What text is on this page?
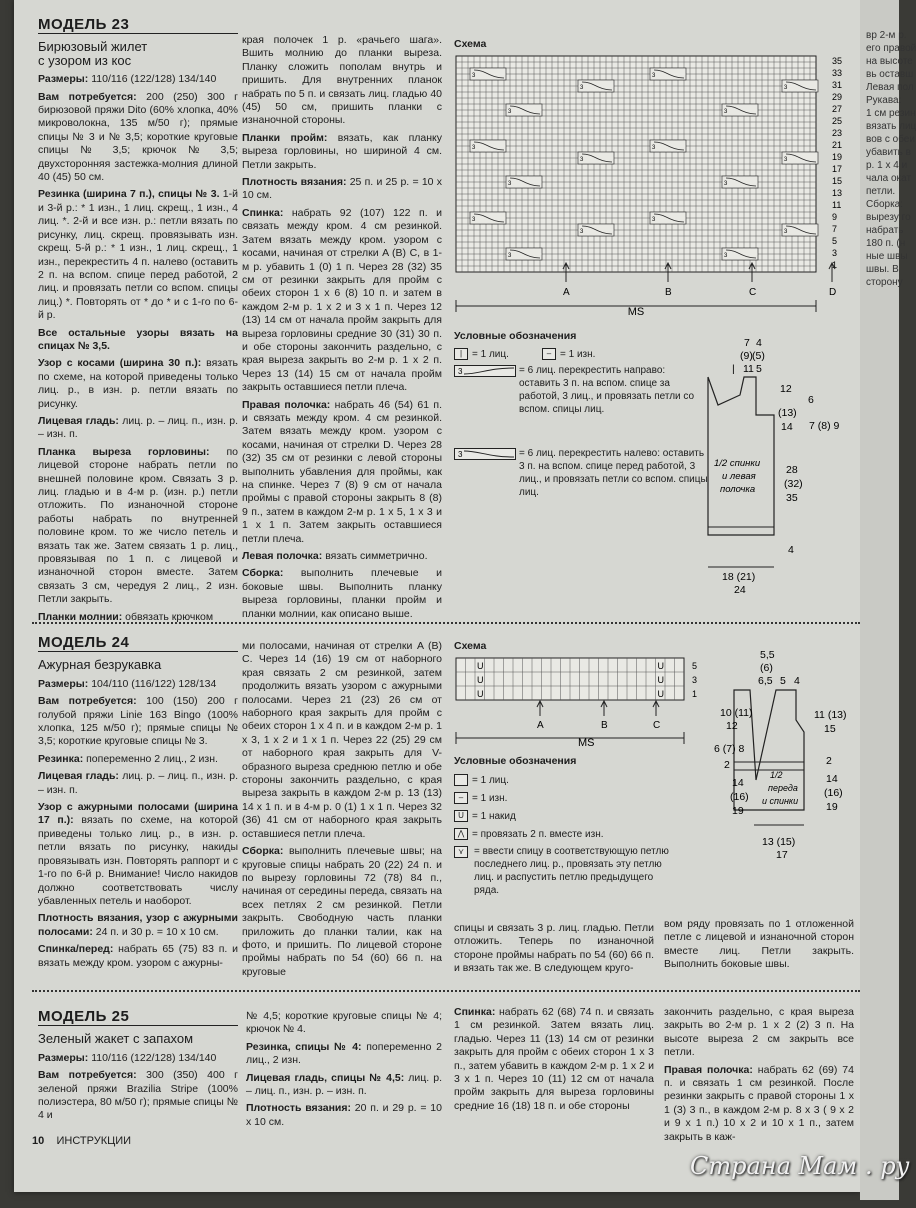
МОДЕЛЬ 23
Бирюзовый жилет
с узором из кос

Размеры: 110/116 (122/128) 134/140

Вам потребуется: 200 (250) 300 г бирюзовой пряжи Dito (60% хлопка, 40% микроволокна, 135 м/50 г); прямые спицы № 3 и № 3,5; короткие круговые спицы № 3,5; крючок № 3,5; двухсторонняя застежка-молния длиной 40 (45) 50 см.

Резинка (ширина 7 п.), спицы № 3. 1-й и 3-й р.: * 1 изн., 1 лиц. скрещ., 1 изн., 4 лиц. *. 2-й и все изн. р.: петли вязать по рисунку, лиц. скрещ. провязывать изн. скрещ. 5-й р.: * 1 изн., 1 лиц. скрещ., 1 изн., перекрестить 4 п. налево (оставить 2 п. на вспом. спице перед работой, 2 лиц. и провязать петли со вспом. спицы лиц.) *. Повторять от * до * и с 1-го по 6-й р.

Все остальные узоры вязать на спицах № 3,5.

Узор с косами (ширина 30 п.): вязать по схеме, на которой приведены только лиц. р., в изн. р. петли вязать по рисунку.

Лицевая гладь: лиц. р. – лиц. п., изн. р. – изн. п.

Планка выреза горловины: по лицевой стороне набрать петли по внешней половине кром. Связать 3 р. лиц. гладью и в 4-м р. (изн. р.) петли отложить. По изнаночной стороне работы набрать по внутренней половине кром. то же число петель и вязать так же. Затем связать 1 р. лиц., провязывая по 1 п. с лицевой и изнаночной сторон вместе. Затем связать 3 см, чередуя 2 лиц., 2 изн. Петли закрыть.

Планки молнии: обвязать крючком

края полочек 1 р. «рачьего шага». Вшить молнию до планки выреза. Планку сложить пополам внутрь и пришить. Для внутренних планок набрать по 5 п. и связать лиц. гладью 40 (45) 50 см, пришить планки с изнаночной стороны.

Планки пройм: вязать, как планку выреза горловины, но шириной 4 см. Петли закрыть.

Плотность вязания: 25 п. и 25 р. = 10 x 10 см.

Спинка: набрать 92 (107) 122 п. и связать между кром. 4 см резинкой. Затем вязать между кром. узором с косами, начиная от стрелки A (B) C, в 1-м р. убавить 1 (0) 1 п. Через 28 (32) 35 см от резинки закрыть для пройм с обеих сторон 1 x 6 (8) 10 п. и затем в каждом 2-м р. 1 x 2 и 3 x 1 п. Через 12 (13) 14 см от начала пройм закрыть для выреза горловины средние 30 (31) 30 п. и обе стороны закончить раздельно, с края выреза закрыть во 2-м р. 1 x 2 п. Через 13 (14) 15 см от начала пройм закрыть оставшиеся петли плеча.

Правая полочка: набрать 46 (54) 61 п. и связать между кром. 4 см резинкой. Затем вязать между кром. узором с косами, начиная от стрелки D. Через 28 (32) 35 см от резинки с левой стороны выполнить убавления для проймы, как на спинке. Через 7 (8) 9 см от начала проймы с правой стороны закрыть 8 (8) 9 п., затем в каждом 2-м р. 1 x 5, 1 x 3 и 1 x 1 п. Затем закрыть оставшиеся петли плеча.

Левая полочка: вязать симметрично.

Сборка: выполнить плечевые и боковые швы. Выполнить планку выреза горловины, планки пройм и планки молнии, как описано выше.

Схема
3
3
3
3
3
3
3
3
3
3
3
3
3
3
3
3
3
3
35
33
31
29
27
25
23
21
19
17
15
13
11
9
7
5
3
1
A	B	C	D
MS
Условные обозначения
| = 1 лиц.	– = 1 изн.
3	= 6 лиц. перекрестить направо: оставить 3 п. на вспом. спице за работой, 3 лиц., и провязать петли со вспом. спицы лиц.
3	= 6 лиц. перекрестить налево: оставить 3 п. на вспом. спице перед работой, 3 лиц., и провязать петли со вспом. спицы лиц.
7
(9)
11
4
(5)
5
|
12
(13)
14
6
7 (8) 9
28
(32)
35
4
1/2 спинки
и левая
полочка
18 (21)
24
МОДЕЛЬ 24
Ажурная безрукавка

Размеры: 104/110 (116/122) 128/134

Вам потребуется: 100 (150) 200 г голубой пряжи Linie 163 Bingo (100% хлопка, 125 м/50 г); прямые спицы № 3,5; короткие круговые спицы № 3.

Резинка: попеременно 2 лиц., 2 изн.

Лицевая гладь: лиц. р. – лиц. п., изн. р. – изн. п.

Узор с ажурными полосами (ширина 17 п.): вязать по схеме, на которой приведены только лиц. р., в изн. р. петли вязать по рисунку, накиды провязывать изн. Повторять раппорт и с 1-го по 6-й р. Внимание! Число накидов должно соответствовать числу убавленных петель и наоборот.

Плотность вязания, узор с ажурными полосами: 24 п. и 30 р. = 10 x 10 см.

Спинка/перед: набрать 65 (75) 83 п. и вязать между кром. узором с ажурны-

ми полосами, начиная от стрелки A (B) C. Через 14 (16) 19 см от наборного края связать 2 см резинкой, затем продолжить вязать узором с ажурными полосами. Через 21 (23) 26 см от наборного края закрыть для пройм с обеих сторон 1 x 4 п. и в каждом 2-м р. 1 x 3, 1 x 2 и 1 x 1 п. Через 22 (25) 29 см от наборного края закрыть для V-образного выреза среднюю петлю и обе стороны закончить раздельно, с края выреза закрыть в каждом 2-м р. 13 (13) 14 x 1 п. и в 4-м р. 0 (1) 1 x 1 п. Через 32 (36) 41 см от наборного края закрыть оставшиеся петли плеча.

Сборка: выполнить плечевые швы; на круговые спицы набрать 20 (22) 24 п. и по вырезу горловины 72 (78) 84 п., начиная от середины переда, связать на всех петлях 2 см резинкой. Петли закрыть. Свободную часть планки приложить до планки талии, как на фото, и пришить. По лицевой стороне проймы набрать по 54 (60) 66 п. на круговые

Схема
U
U
U
U
U
U
5
3
1
A	B	C
MS
Условные обозначения
= 1 лиц.
– = 1 изн.
U = 1 накид
⋀ = провязать 2 п. вместе изн.
⋎	= ввести спицу в соответствующую петлю последнего лиц. р., провязать эту петлю лиц. и распустить петлю предыдущего ряда.
5,5
(6)
6,5 5 4
10 (11)
12
6 (7) 8
2
14
(16)
19
11 (13)
15
2
14
(16)
19
1/2
переда
и спинки
13 (15)
17
спицы и связать 3 р. лиц. гладью. Петли отложить. Теперь по изнаночной стороне проймы набрать по 54 (60) 66 п. и вязать так же. В следующем круго-
вом ряду провязать по 1 отложенной петле с лицевой и изнаночной сторон вместе лиц. Петли закрыть. Выполнить боковые швы.
МОДЕЛЬ 25
Зеленый жакет с запахом

Размеры: 110/116 (122/128) 134/140

Вам потребуется: 300 (350) 400 г зеленой пряжи Brazilia Stripe (100% полиэстера, 80 м/50 г); прямые спицы № 4 и

№ 4,5; короткие круговые спицы № 4; крючок № 4.

Резинка, спицы № 4: попеременно 2 лиц., 2 изн.

Лицевая гладь, спицы № 4,5: лиц. р. – лиц. п., изн. р. – изн. п.

Плотность вязания: 20 п. и 29 р. = 10 x 10 см.

Спинка: набрать 62 (68) 74 п. и связать 1 см резинкой. Затем вязать лиц. гладью. Через 11 (13) 14 см от резинки закрыть для пройм с обеих сторон 1 x 3 п., затем убавить в каждом 2-м р. 1 x 2 и 3 x 1 п. Через 10 (11) 12 см от начала пройм закрыть для выреза горловины средние 16 (18) 18 п. и обе стороны

закончить раздельно, с края выреза закрыть во 2-м р. 1 x 2 (2) 3 п. На высоте выреза 2 см закрыть все петли.

Правая полочка: набрать 62 (69) 74 п. и связать 1 см резинкой. После резинки закрыть с правой стороны 1 x 1 (3) 3 п., в каждом 2-м р. 8 x 3 ( 9 x 2 и 9 x 1 п.) 10 x 2 и 10 x 1 п., затем закрыть в каж-

10 ИНСТРУКЦИИ
вр 2-м р.
его правой
на высоте
вь оставш
Левая пол
Рукава:
1 см резин
вязать лиц
вов с обеи
убавить в
р. 1 x 4 и
чала окат
петли.
Сборка:
вырезу го
набрать
180 п. (н
ные швы
швы. В
сторону
Страна Мам . ру
